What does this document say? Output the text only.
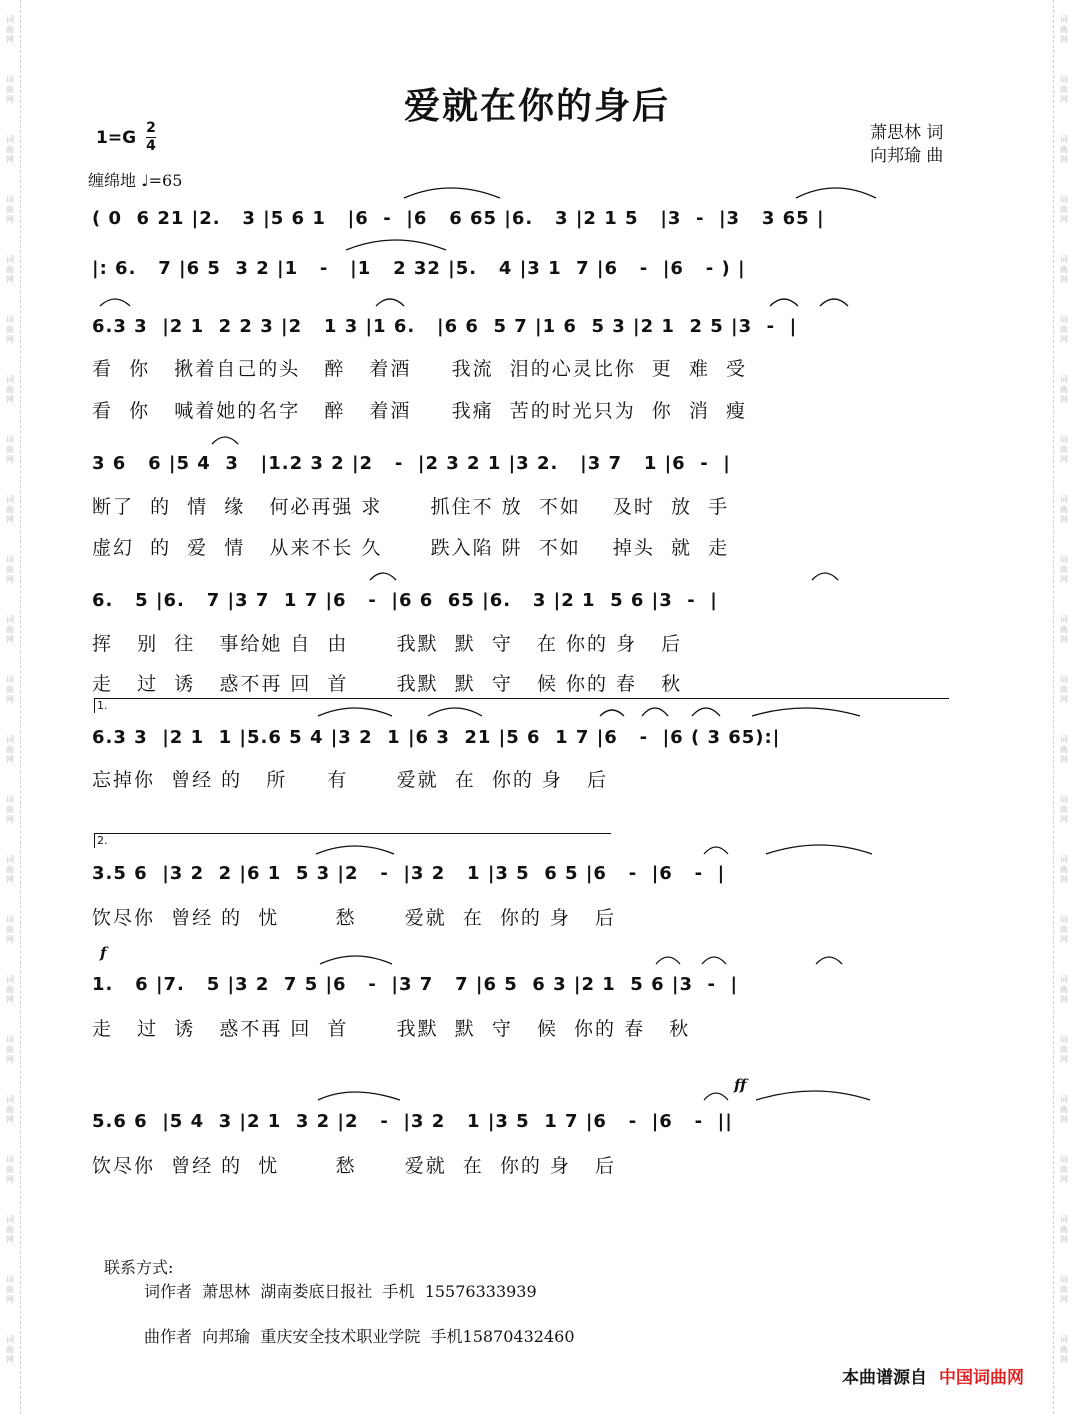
词
曲
网
词
曲
网
词
曲
网
词
曲
网
词
曲
网
词
曲
网
词
曲
网
词
曲
网
词
曲
网
词
曲
网
词
曲
网
词
曲
网
词
曲
网
词
曲
网
词
曲
网
词
曲
网
词
曲
网
词
曲
网
词
曲
网
词
曲
网
词
曲
网
词
曲
网
词
曲
网
词
曲
网
词
曲
网
词
曲
网
词
曲
网
词
曲
网
词
曲
网
词
曲
网
词
曲
网
词
曲
网
词
曲
网
词
曲
网
词
曲
网
词
曲
网
词
曲
网
词
曲
网
词
曲
网
词
曲
网
词
曲
网
词
曲
网
词
曲
网
词
曲
网
词
曲
网
词
曲
网
爱就在你的身后
1=G 2
4
缠绵地 ♩=65
萧思林 词
向邦瑜 曲
( 0  6 21 |2.   3 |5 6 1   |6  -  |6   6 65 |6.   3 |2 1 5   |3  -  |3   3 65 |
|: 6.   7 |6 5  3 2 |1   -   |1   2 32 |5.   4 |3 1  7 |6   -  |6   - ) |
6.3 3  |2 1  2 2 3 |2   1 3 |1 6.   |6 6  5 7 |1 6  5 3 |2 1  2 5 |3  -  |
看  你   揪着自己的头   醉   着酒     我流  泪的心灵比你  更  难  受
看  你   喊着她的名字   醉   着酒     我痛  苦的时光只为  你  消  瘦
3 6   6 |5 4  3   |1.2 3 2 |2   -  |2 3 2 1 |3 2.   |3 7   1 |6  -  |
断了  的  情  缘   何必再强 求      抓住不 放  不如    及时  放  手
虚幻  的  爱  情   从来不长 久      跌入陷 阱  不如    掉头  就  走
6.   5 |6.   7 |3 7  1 7 |6   -  |6 6  65 |6.   3 |2 1  5 6 |3  -  |
挥   别  往   事给她 自  由      我默  默  守   在 你的 身   后
走   过  诱   惑不再 回  首      我默  默  守   候 你的 春   秋
1.
6.3 3  |2 1  1 |5.6 5 4 |3 2  1 |6 3  21 |5 6  1 7 |6   -  |6 ( 3 65):|
忘掉你  曾经 的   所     有      爱就  在  你的 身   后
2.
3.5 6  |3 2  2 |6 1  5 3 |2   -  |3 2   1 |3 5  6 5 |6   -  |6   -  |
饮尽你  曾经 的  忧       愁      爱就  在  你的 身   后
f
1.   6 |7.   5 |3 2  7 5 |6   -  |3 7   7 |6 5  6 3 |2 1  5 6 |3  -  |
走   过  诱   惑不再 回  首      我默  默  守   候  你的 春   秋
ff
5.6 6  |5 4  3 |2 1  3 2 |2   -  |3 2   1 |3 5  1 7 |6   -  |6   -  ||
饮尽你  曾经 的  忧       愁      爱就  在  你的 身   后
联系方式:
词作者  萧思林  湖南娄底日报社  手机  15576333939
曲作者  向邦瑜  重庆安全技术职业学院  手机15870432460
本曲谱源自 中国词曲网
